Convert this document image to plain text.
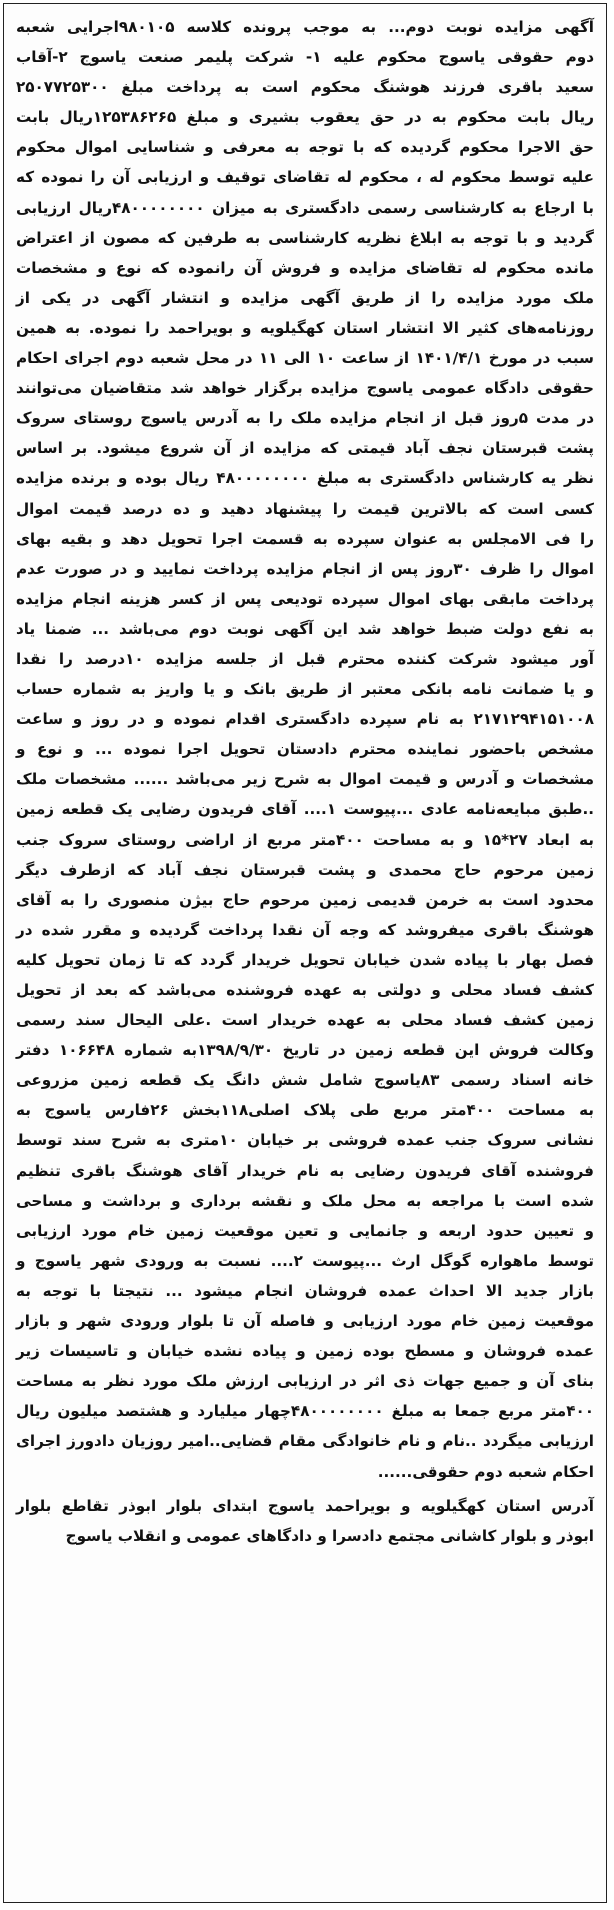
آگهی مزایده نوبت دوم... به موجب پرونده کلاسه ۹۸۰۱۰۵اجرایی شعبه

دوم حقوقی یاسوج محکوم علیه ۱- شرکت پلیمر صنعت یاسوج ۲-آقاب

سعید باقری فرزند هوشنگ محکوم است به پرداخت مبلغ ۲۵۰۷۷۲۵۳۰۰

ریال بابت محکوم به در حق یعقوب بشیری و مبلغ ۱۲۵۳۸۶۲۶۵ریال بابت

حق الاجرا محکوم گردیده که با توجه به معرفی و شناسایی اموال محکوم

علیه توسط محکوم له ، محکوم له تقاضای توقیف و ارزیابی آن را نموده که

با ارجاع به کارشناسی رسمی دادگستری به میزان ۴۸۰۰۰۰۰۰۰۰ریال ارزیابی

گردید و با توجه به ابلاغ نظریه کارشناسی به طرفین که مصون از اعتراض

مانده محکوم له تقاضای مزایده و فروش آن رانموده که نوع و مشخصات

ملک مورد مزایده را از طریق آگهی مزایده و انتشار آگهی در یکی از

روزنامه‌های کثیر الا انتشار استان کهگیلویه و بویراحمد را نموده. به همین

سبب در مورخ ۱۴۰۱/۴/۱ از ساعت ۱۰ الی ۱۱ در محل شعبه دوم اجرای احکام

حقوقی دادگاه عمومی یاسوج مزایده برگزار خواهد شد متقاضیان می‌توانند

در مدت ۵روز قبل از انجام مزایده ملک را به آدرس یاسوج روستای سروک

پشت قبرستان نجف آباد قیمتی که مزایده از آن شروع میشود. بر اساس

نظر یه کارشناس دادگستری به مبلغ ۴۸۰۰۰۰۰۰۰۰ ریال بوده و برنده مزایده

کسی است که بالاترین قیمت را پیشنهاد دهید و ده درصد قیمت اموال

را فی الامجلس به عنوان سپرده به قسمت اجرا تحویل دهد و بقیه بهای

اموال را ظرف ۳۰روز پس از انجام مزایده پرداخت نمایید و در صورت عدم

پرداخت مابقی بهای اموال سپرده تودیعی پس از کسر هزینه انجام مزایده

به نفع دولت ضبط خواهد شد این آگهی نوبت دوم می‌باشد ... ضمنا یاد

آور میشود شرکت کننده محترم قبل از جلسه مزایده ۱۰درصد را نقدا

و یا ضمانت نامه بانکی معتبر از طریق بانک و یا واریز به شماره حساب

۲۱۷۱۲۹۴۱۵۱۰۰۸ به نام سپرده دادگستری اقدام نموده و در روز و ساعت

مشخص باحضور نماینده محترم دادستان تحویل اجرا نموده ... و نوع و

مشخصات و آدرس و قیمت اموال به شرح زیر می‌باشد ...... مشخصات ملک

..طبق مبایعه‌نامه عادی ...پیوست ۱.... آقای فریدون رضایی یک قطعه زمین

به ابعاد ۲۷*۱۵ و به مساحت ۴۰۰متر مربع از اراضی روستای سروک جنب

زمین مرحوم حاج محمدی و پشت قبرستان نجف آباد که ازطرف دیگر

محدود است به خرمن قدیمی زمین مرحوم حاج بیژن منصوری را به آقای

هوشنگ باقری میفروشد که وجه آن نقدا پرداخت گردیده و مقرر شده در

فصل بهار با پیاده شدن خیابان تحویل خریدار گردد که تا زمان تحویل کلیه

کشف فساد محلی و دولتی به عهده فروشنده می‌باشد که بعد از تحویل

زمین کشف فساد محلی به عهده خریدار است .علی الیحال سند رسمی

وکالت فروش این قطعه زمین در تاریخ ۱۳۹۸/۹/۳۰به شماره ۱۰۶۶۴۸ دفتر

خانه اسناد رسمی ۸۳یاسوج شامل شش دانگ یک قطعه زمین مزروعی

به مساحت ۴۰۰متر مربع طی پلاک اصلی۱۱۸بخش ۲۶فارس یاسوج به

نشانی سروک جنب عمده فروشی بر خیابان ۱۰متری به شرح سند توسط

فروشنده آقای فریدون رضایی به نام خریدار آقای هوشنگ باقری تنظیم

شده است با مراجعه به محل ملک و نقشه برداری و برداشت و مساحی

و تعیین حدود اربعه و جانمایی و تعین موقعیت زمین خام مورد ارزیابی

توسط ماهواره گوگل ارث ...پیوست ۲.... نسبت به ورودی شهر یاسوج و

بازار جدید الا احداث عمده فروشان انجام میشود ... نتیجتا با توجه به

موقعیت زمین خام مورد ارزیابی و فاصله آن تا بلوار ورودی شهر و بازار

عمده فروشان و مسطح بوده زمین و پیاده نشده خیابان و تاسیسات زیر

بنای آن و جمیع جهات ذی اثر در ارزیابی ارزش ملک مورد نظر به مساحت

۴۰۰متر مربع جمعا به مبلغ ۴۸۰۰۰۰۰۰۰۰چهار میلیارد و هشتصد میلیون ریال

ارزیابی میگردد ..نام و نام خانوادگی مقام قضایی..امیر روزیان دادورز اجرای

احکام شعبه دوم حقوقی......

آدرس استان کهگیلویه و بویراحمد یاسوج ابتدای بلوار ابوذر تقاطع بلوار

ابوذر و بلوار کاشانی مجتمع دادسرا و دادگاهای عمومی و انقلاب یاسوج
